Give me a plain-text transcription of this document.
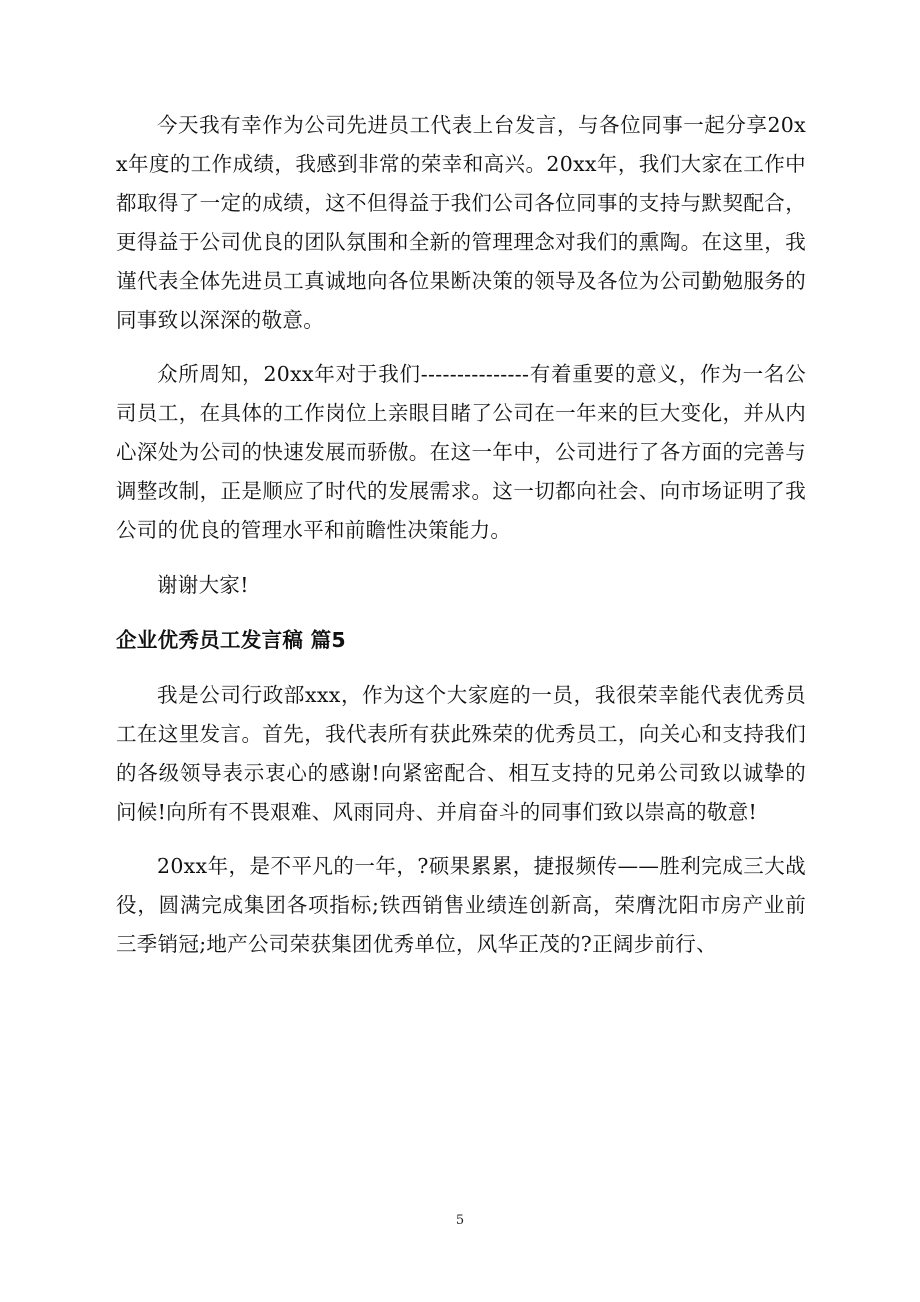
今天我有幸作为公司先进员工代表上台发言，与各位同事一起分享20xx年度的工作成绩，我感到非常的荣幸和高兴。20xx年，我们大家在工作中都取得了一定的成绩，这不但得益于我们公司各位同事的支持与默契配合，更得益于公司优良的团队氛围和全新的管理理念对我们的熏陶。在这里，我谨代表全体先进员工真诚地向各位果断决策的领导及各位为公司勤勉服务的同事致以深深的敬意。

众所周知，20xx年对于我们---------------有着重要的意义，作为一名公司员工，在具体的工作岗位上亲眼目睹了公司在一年来的巨大变化，并从内心深处为公司的快速发展而骄傲。在这一年中，公司进行了各方面的完善与调整改制，正是顺应了时代的发展需求。这一切都向社会、向市场证明了我公司的优良的管理水平和前瞻性决策能力。

谢谢大家!

企业优秀员工发言稿 篇5

我是公司行政部xxx，作为这个大家庭的一员，我很荣幸能代表优秀员工在这里发言。首先，我代表所有获此殊荣的优秀员工，向关心和支持我们的各级领导表示衷心的感谢!向紧密配合、相互支持的兄弟公司致以诚挚的问候!向所有不畏艰难、风雨同舟、并肩奋斗的同事们致以崇高的敬意!

20xx年，是不平凡的一年，?硕果累累，捷报频传——胜利完成三大战役，圆满完成集团各项指标;铁西销售业绩连创新高，荣膺沈阳市房产业前三季销冠;地产公司荣获集团优秀单位，风华正茂的?正阔步前行、

5
